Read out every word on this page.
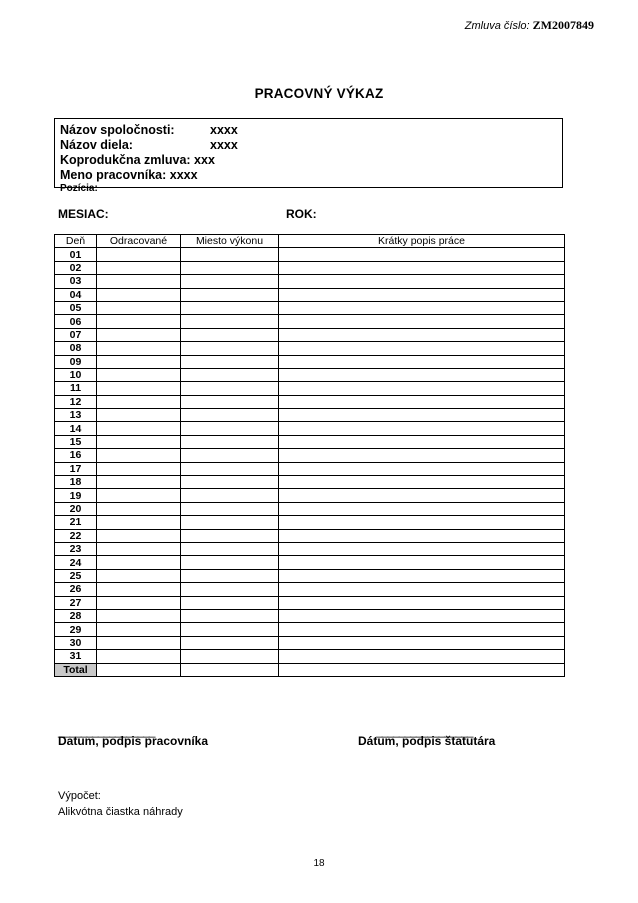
Zmluva číslo: ZM2007849
PRACOVNÝ VÝKAZ
Názov spoločnosti:	xxxx
Názov diela:	xxxx
Koprodukčna zmluva: xxx
Meno pracovníka: xxxx
Pozícia:
MESIAC:	ROK:
Deň	Odracované	Miesto výkonu	Krátky popis práce
01			
02			
03			
04			
05			
06			
07			
08			
09			
10			
11			
12			
13			
14			
15			
16			
17			
18			
19			
20			
21			
22			
23			
24			
25			
26			
27			
28			
29			
30			
31			
Total			
_________________	_________________
Datum, podpis pracovníka	Dátum, podpis štatutára
Výpočet:
Alikvótna čiastka náhrady
18
